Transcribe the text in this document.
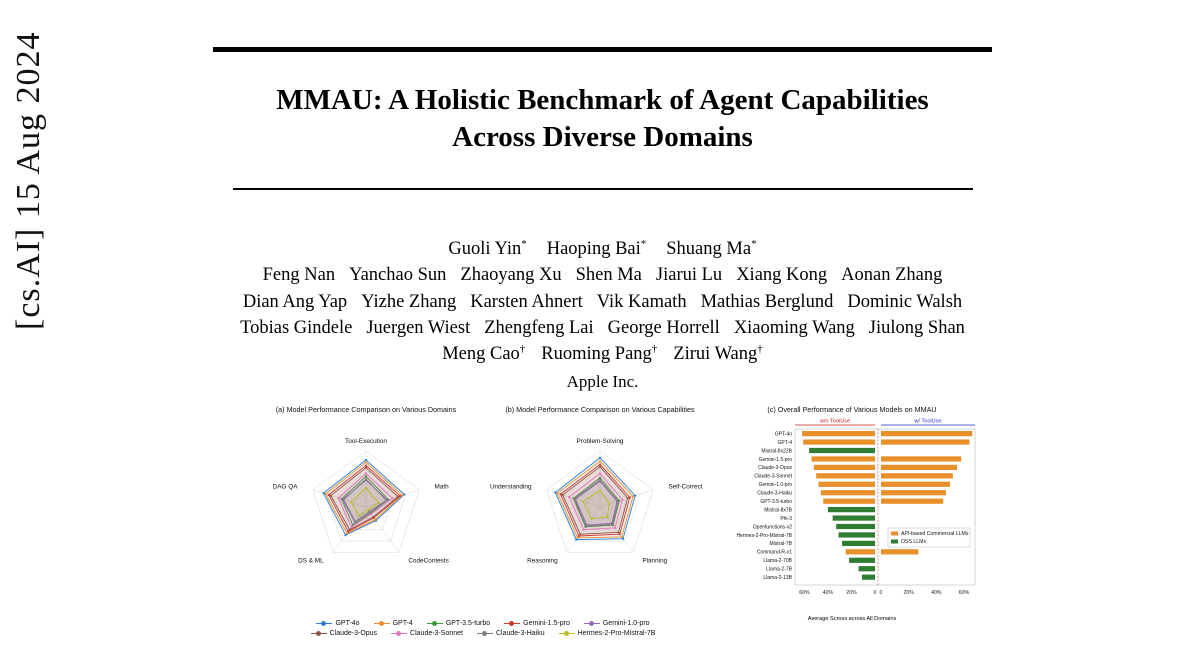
[cs.AI] 15 Aug 2024	MMAU: A Holistic Benchmark of Agent Capabilities Across Diverse Domains
Guoli Yin* Haoping Bai* Shuang Ma*
Feng Nan Yanchao Sun Zhaoyang Xu Shen Ma Jiarui Lu Xiang Kong Aonan Zhang
Dian Ang Yap Yizhe Zhang Karsten Ahnert Vik Kamath Mathias Berglund Dominic Walsh
Tobias Gindele Juergen Wiest Zhengfeng Lai George Horrell Xiaoming Wang Jiulong Shan
Meng Cao† Ruoming Pang† Zirui Wang†
Apple Inc.
(a) Model Performance Comparison on Various Domains
Tool-Execution
Math
CodeContests
DS & ML
DAG QA
(b) Model Performance Comparison on Various Capabilities
Problem-Solving
Self-Correct
Planning
Reasoning
Understanding
(c) Overall Performance of Various Models on MMAU
w/o ToolUse	w/ ToolUse
GPT-4o
GPT-4
Mistral-8x22B
Gemini-1.5-pro
Claude-3-Opus
Claude-3-Sonnet
Gemini-1.0-pro
Claude-3-Haiku
GPT-3.5-turbo
Mistral-8x7B
Phi-3
Openfunctions-v2
Hermes-2-Pro-Mistral-7B
Mistral-7B
Command-R-v1
Llama-2-70B
Llama-2-7B
Llama-2-13B
0
20%
40%
60%	0	20%	40%	60%
API-based Commercial LLMs
OSS LLMs
Average Scross across All Domains
GPT-4o	GPT-4	GPT-3.5-turbo	Gemini-1.5-pro	Gemini-1.0-pro
Claude-3-Opus	Claude-3-Sonnet	Claude-3-Haiku	Hermes-2-Pro-Mistral-7B
